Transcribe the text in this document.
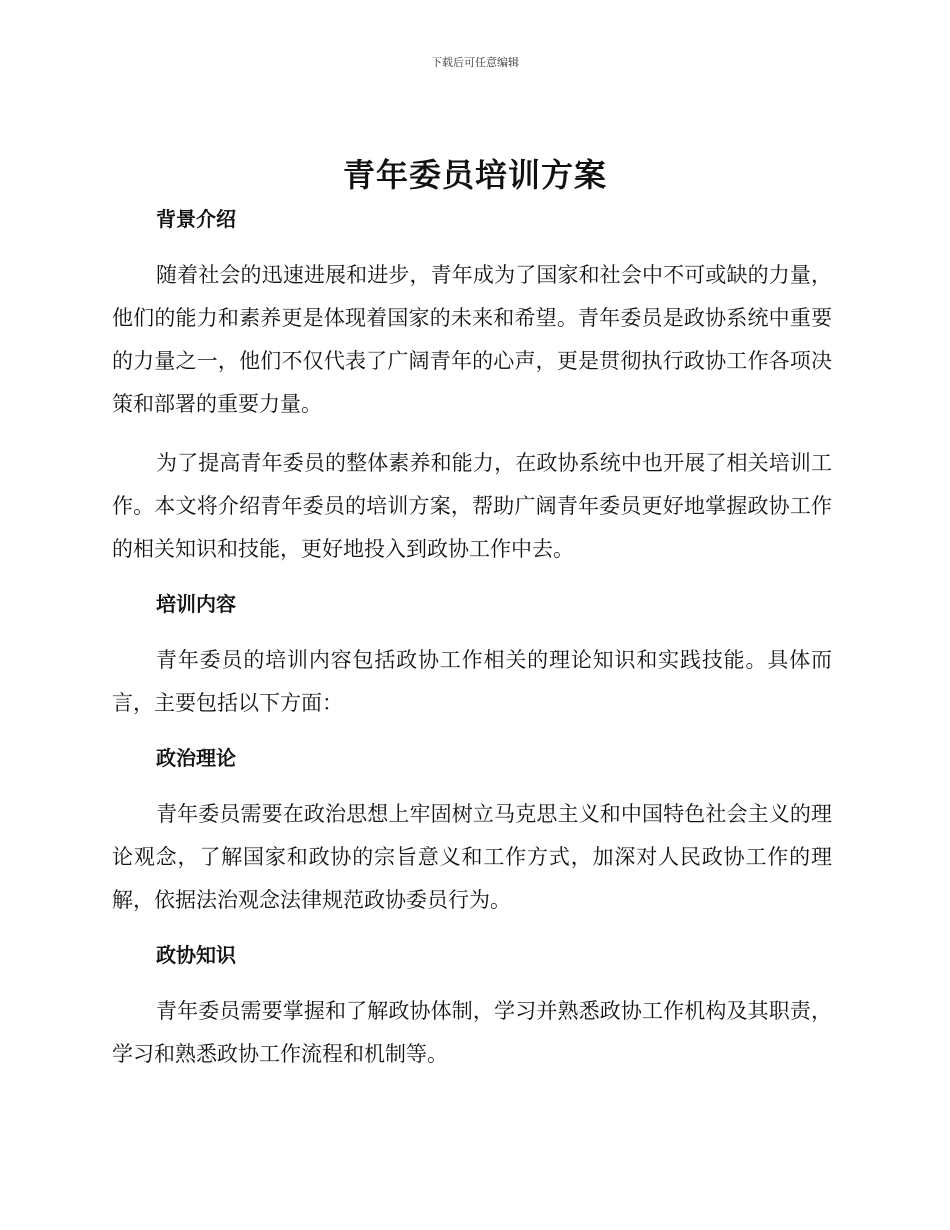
下载后可任意编辑
青年委员培训方案
背景介绍

随着社会的迅速进展和进步，青年成为了国家和社会中不可或缺的力量，他们的能力和素养更是体现着国家的未来和希望。青年委员是政协系统中重要的力量之一，他们不仅代表了广阔青年的心声，更是贯彻执行政协工作各项决策和部署的重要力量。

为了提高青年委员的整体素养和能力，在政协系统中也开展了相关培训工作。本文将介绍青年委员的培训方案，帮助广阔青年委员更好地掌握政协工作的相关知识和技能，更好地投入到政协工作中去。

培训内容

青年委员的培训内容包括政协工作相关的理论知识和实践技能。具体而言，主要包括以下方面：

政治理论

青年委员需要在政治思想上牢固树立马克思主义和中国特色社会主义的理论观念，了解国家和政协的宗旨意义和工作方式，加深对人民政协工作的理解，依据法治观念法律规范政协委员行为。

政协知识

青年委员需要掌握和了解政协体制，学习并熟悉政协工作机构及其职责，学习和熟悉政协工作流程和机制等。
